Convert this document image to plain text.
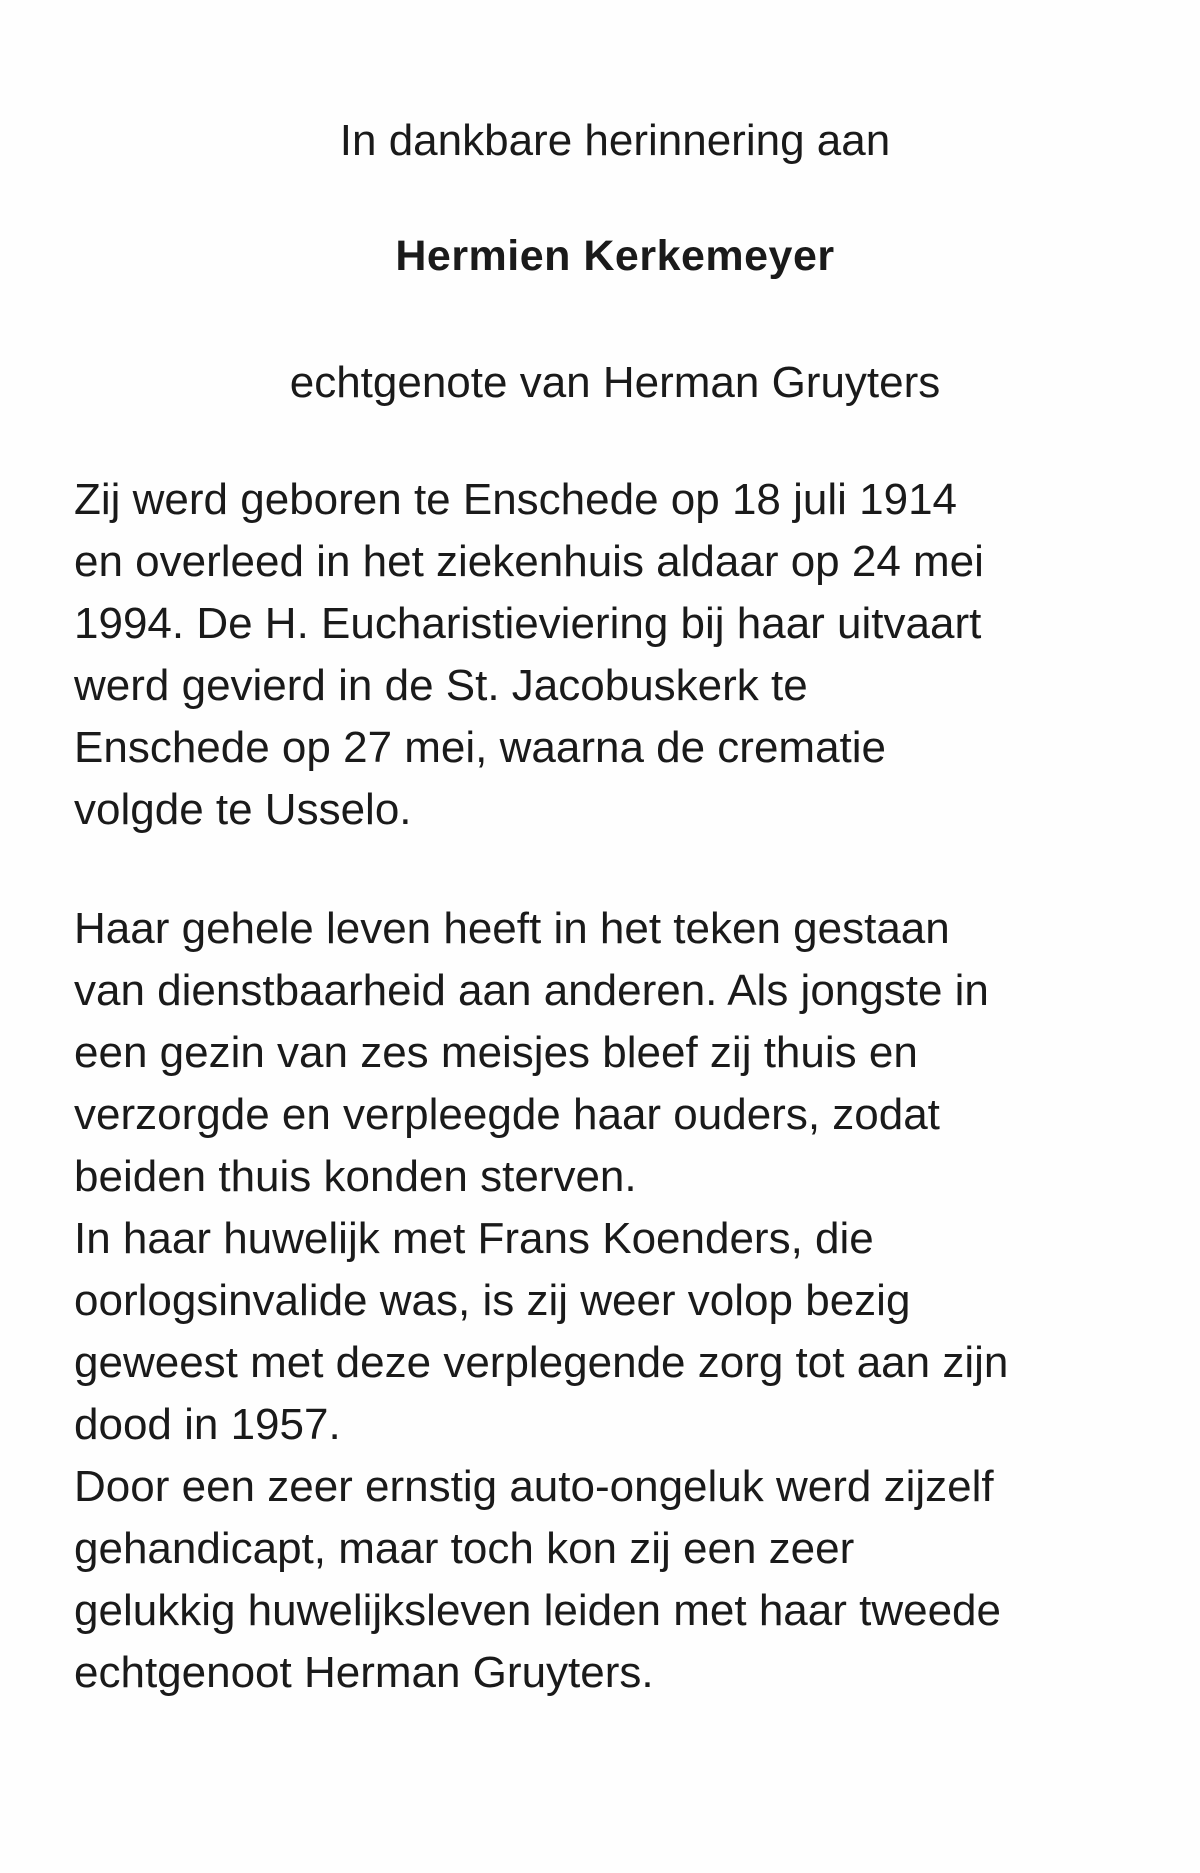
In dankbare herinnering aan
Hermien Kerkemeyer
echtgenote van Herman Gruyters
Zij werd geboren te Enschede op 18 juli 1914
en overleed in het ziekenhuis aldaar op 24 mei
1994. De H. Eucharistieviering bij haar uitvaart
werd gevierd in de St. Jacobuskerk te
Enschede op 27 mei, waarna de crematie
volgde te Usselo.
Haar gehele leven heeft in het teken gestaan
van dienstbaarheid aan anderen. Als jongste in
een gezin van zes meisjes bleef zij thuis en
verzorgde en verpleegde haar ouders, zodat
beiden thuis konden sterven.
In haar huwelijk met Frans Koenders, die
oorlogsinvalide was, is zij weer volop bezig
geweest met deze verplegende zorg tot aan zijn
dood in 1957.
Door een zeer ernstig auto-ongeluk werd zijzelf
gehandicapt, maar toch kon zij een zeer
gelukkig huwelijksleven leiden met haar tweede
echtgenoot Herman Gruyters.
